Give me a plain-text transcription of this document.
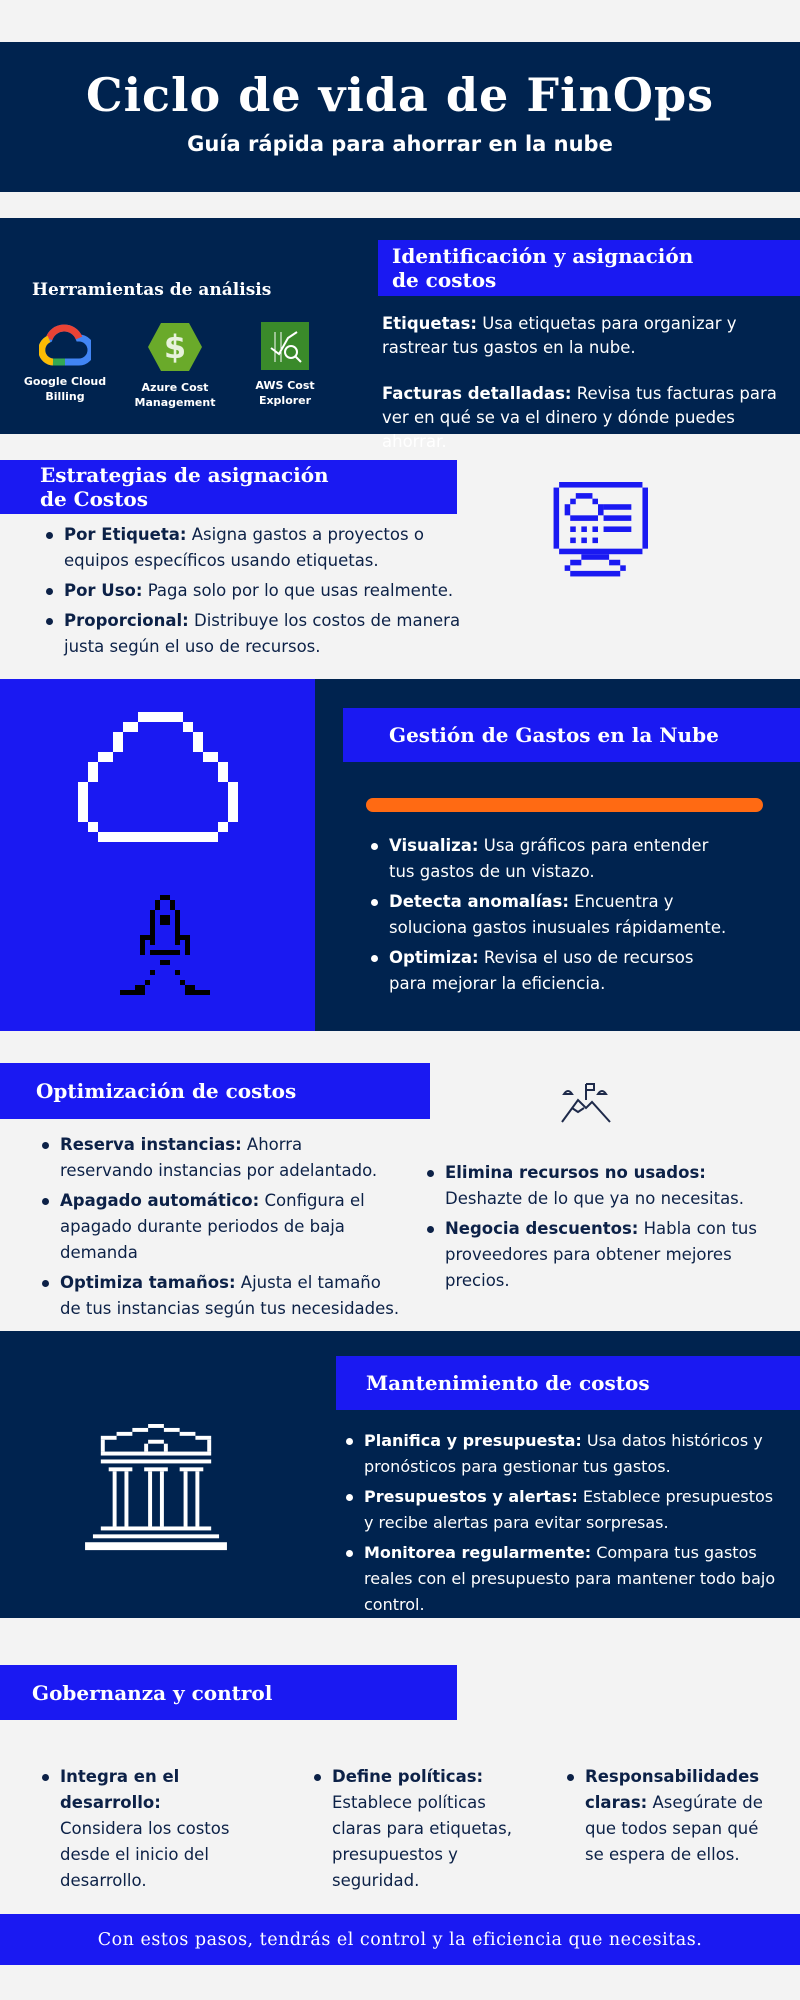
Ciclo de vida de FinOps
Guía rápida para ahorrar en la nube
Herramientas de análisis
Google Cloud Billing
$
Azure Cost Management
AWS Cost Explorer
Identificación y asignación de costos

Etiquetas: Usa etiquetas para organizar y rastrear tus gastos en la nube.

Facturas detalladas: Revisa tus facturas para ver en qué se va el dinero y dónde puedes ahorrar.

Estrategias de asignación de Costos
Por Etiqueta: Asigna gastos a proyectos o equipos específicos usando etiquetas.
Por Uso: Paga solo por lo que usas realmente.
Proporcional: Distribuye los costos de manera justa según el uso de recursos.
Gestión de Gastos en la Nube
Visualiza: Usa gráficos para entender tus gastos de un vistazo.
Detecta anomalías: Encuentra y soluciona gastos inusuales rápidamente.
Optimiza: Revisa el uso de recursos para mejorar la eficiencia.
Optimización de costos
Reserva instancias: Ahorra reservando instancias por adelantado.
Apagado automático: Configura el apagado durante periodos de baja demanda
Optimiza tamaños: Ajusta el tamaño de tus instancias según tus necesidades.
Elimina recursos no usados: Deshazte de lo que ya no necesitas.
Negocia descuentos: Habla con tus proveedores para obtener mejores precios.
Mantenimiento de costos
Planifica y presupuesta: Usa datos históricos y pronósticos para gestionar tus gastos.
Presupuestos y alertas: Establece presupuestos y recibe alertas para evitar sorpresas.
Monitorea regularmente: Compara tus gastos reales con el presupuesto para mantener todo bajo control.
Gobernanza y control
Integra en el desarrollo: Considera los costos desde el inicio del desarrollo.
Define políticas: Establece políticas claras para etiquetas, presupuestos y seguridad.
Responsabilidades claras: Asegúrate de que todos sepan qué se espera de ellos.
Con estos pasos, tendrás el control y la eficiencia que necesitas.
